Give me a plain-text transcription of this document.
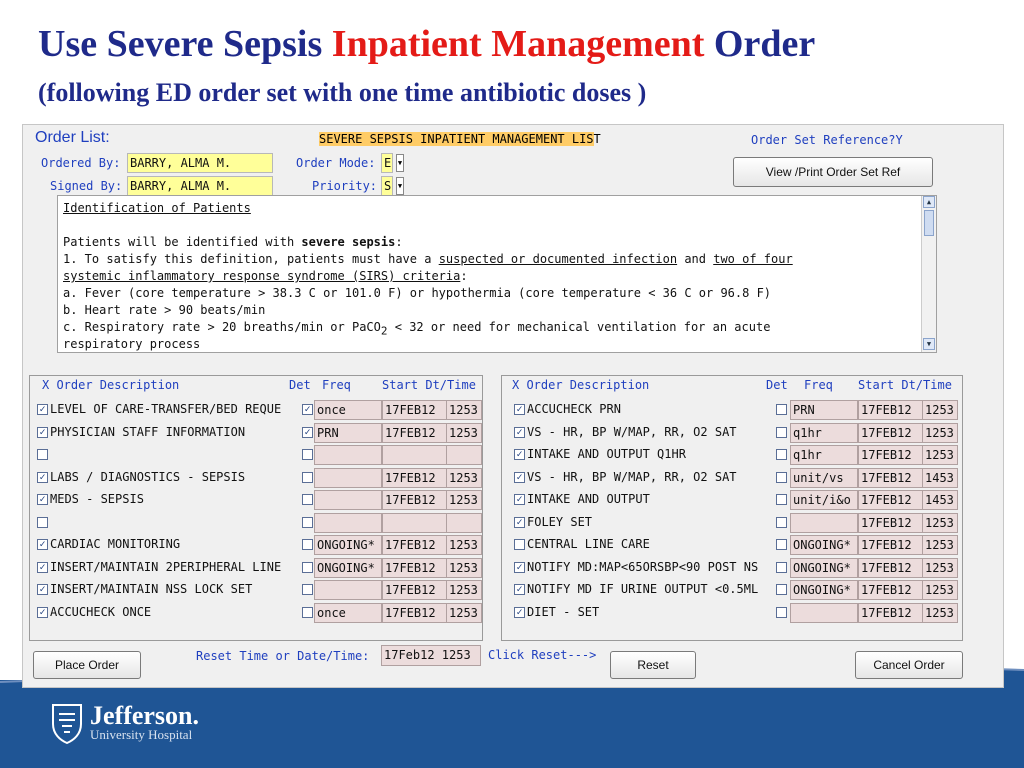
Use Severe Sepsis Inpatient Management Order
(following ED order set with one time antibiotic doses )
Jefferson.
University Hospital
Order List:	SEVERE SEPSIS INPATIENT MANAGEMENT LIST	Order Set Reference?Y
Ordered By: BARRY, ALMA M.	Order Mode: E ▼
Signed By: BARRY, ALMA M.	Priority: S ▼
View /Print Order Set Ref
Identification of Patients
Patients will be identified with severe sepsis:
1. To satisfy this definition, patients must have a suspected or documented infection and two of four
systemic inflammatory response syndrome (SIRS) criteria:
a. Fever (core temperature > 38.3 C or 101.0 F) or hypothermia (core temperature < 36 C or 96.8 F)
b. Heart rate > 90 beats/min
c. Respiratory rate > 20 breaths/min or PaCO$_2$ < 32 or need for mechanical ventilation for an acute
respiratory process
▲
▼
X Order Description	Det Freq	Start Dt/Time
✓ LEVEL OF CARE-TRANSFER/BED REQUE	✓ once	17FEB12	1253
✓ PHYSICIAN STAFF INFORMATION	✓ PRN	17FEB12	1253
✓ LABS / DIAGNOSTICS - SEPSIS	17FEB12	1253
✓ MEDS - SEPSIS	17FEB12	1253
✓ CARDIAC MONITORING	ONGOING* 17FEB12	1253
✓ INSERT/MAINTAIN 2PERIPHERAL LINE	ONGOING* 17FEB12	1253
✓ INSERT/MAINTAIN NSS LOCK SET	17FEB12	1253
✓ ACCUCHECK ONCE	once	17FEB12	1253
X Order Description	Det Freq Start Dt/Time
✓ ACCUCHECK PRN	PRN	17FEB12	1253
✓ VS - HR, BP W/MAP, RR, O2 SAT	q1hr	17FEB12	1253
✓ INTAKE AND OUTPUT Q1HR	q1hr	17FEB12	1253
✓ VS - HR, BP W/MAP, RR, O2 SAT	unit/vs	17FEB12	1453
✓ INTAKE AND OUTPUT	unit/i&o 17FEB12	1453
✓ FOLEY SET	17FEB12	1253
CENTRAL LINE CARE	ONGOING* 17FEB12	1253
✓ NOTIFY MD:MAP<65ORSBP<90 POST NS	ONGOING* 17FEB12	1253
✓ NOTIFY MD IF URINE OUTPUT <0.5ML	ONGOING* 17FEB12	1253
✓ DIET - SET	17FEB12	1253
Place Order
Reset Time or Date/Time: 17Feb12 1253	Click Reset--->
Reset	Cancel Order
